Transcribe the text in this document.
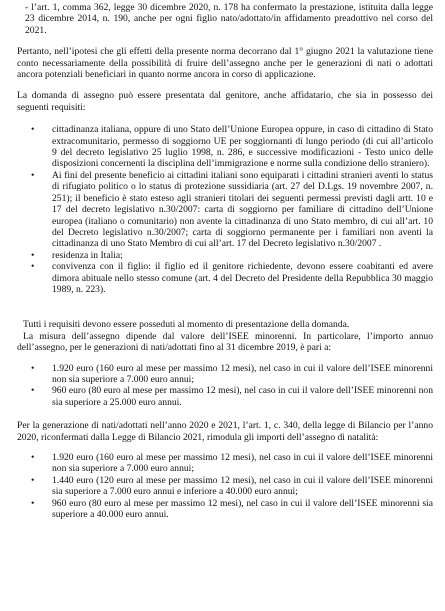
- l’art. 1, comma 362, legge 30 dicembre 2020, n. 178 ha confermato la prestazione, istituita dalla legge 23 dicembre 2014, n. 190, anche per ogni figlio nato/adottato/in affidamento preadottivo nel corso del 2021.

Pertanto, nell’ipotesi che gli effetti della presente norma decorrano dal 1° giugno 2021 la valutazione tiene conto necessariamente della possibilità di fruire dell’assegno anche per le generazioni di nati o adottati ancora potenziali beneficiari in quanto norme ancora in corso di applicazione.

La domanda di assegno può essere presentata dal genitore, anche affidatario, che sia in possesso dei seguenti requisiti:

• cittadinanza italiana, oppure di uno Stato dell’Unione Europea oppure, in caso di cittadino di Stato extracomunitario, permesso di soggiorno UE per soggiornanti di lungo periodo (di cui all’articolo 9 del decreto legislativo 25 luglio 1998, n. 286, e successive modificazioni - Testo unico delle disposizioni concernenti la disciplina dell’immigrazione e norme sulla condizione dello straniero).
• Ai fini del presente beneficio ai cittadini italiani sono equiparati i cittadini stranieri aventi lo status di rifugiato politico o lo status di protezione sussidiaria (art. 27 del D.Lgs. 19 novembre 2007, n. 251); il beneficio è stato esteso agli stranieri titolari dei seguenti permessi previsti dagli artt. 10 e 17 del decreto legislativo n.30/2007: carta di soggiorno per familiare di cittadino dell’Unione europea (italiano o comunitario) non avente la cittadinanza di uno Stato membro, di cui all’art. 10 del Decreto legislativo n.30/2007; carta di soggiorno permanente per i familiari non aventi la cittadinanza di uno Stato Membro di cui all’art. 17 del Decreto legislativo n.30/2007 .
• residenza in Italia;
• convivenza con il figlio: il figlio ed il genitore richiedente, devono essere coabitanti ed avere dimora abituale nello stesso comune (art. 4 del Decreto del Presidente della Repubblica 30 maggio 1989, n. 223).

Tutti i requisiti devono essere posseduti al momento di presentazione della domanda.

La misura dell’assegno dipende dal valore dell’ISEE minorenni. In particolare, l’importo annuo dell’assegno, per le generazioni di nati/adottati fino al 31 dicembre 2019, è pari a:

• 1.920 euro (160 euro al mese per massimo 12 mesi), nel caso in cui il valore dell’ISEE minorenni non sia superiore a 7.000 euro annui;
• 960 euro (80 euro al mese per massimo 12 mesi), nel caso in cui il valore dell’ISEE minorenni non sia superiore a 25.000 euro annui.

Per la generazione di nati/adottati nell’anno 2020 e 2021, l’art. 1, c. 340, della legge di Bilancio per l’anno 2020, riconfermati dalla Legge di Bilancio 2021, rimodula gli importi dell’assegno di natalità:

• 1.920 euro (160 euro al mese per massimo 12 mesi), nel caso in cui il valore dell’ISEE minorenni non sia superiore a 7.000 euro annui;
• 1.440 euro (120 euro al mese per massimo 12 mesi), nel caso in cui il valore dell’ISEE minorenni sia superiore a 7.000 euro annui e inferiore a 40.000 euro annui;
• 960 euro (80 euro al mese per massimo 12 mesi), nel caso in cui il valore dell’ISEE minorenni sia superiore a 40.000 euro annui.
